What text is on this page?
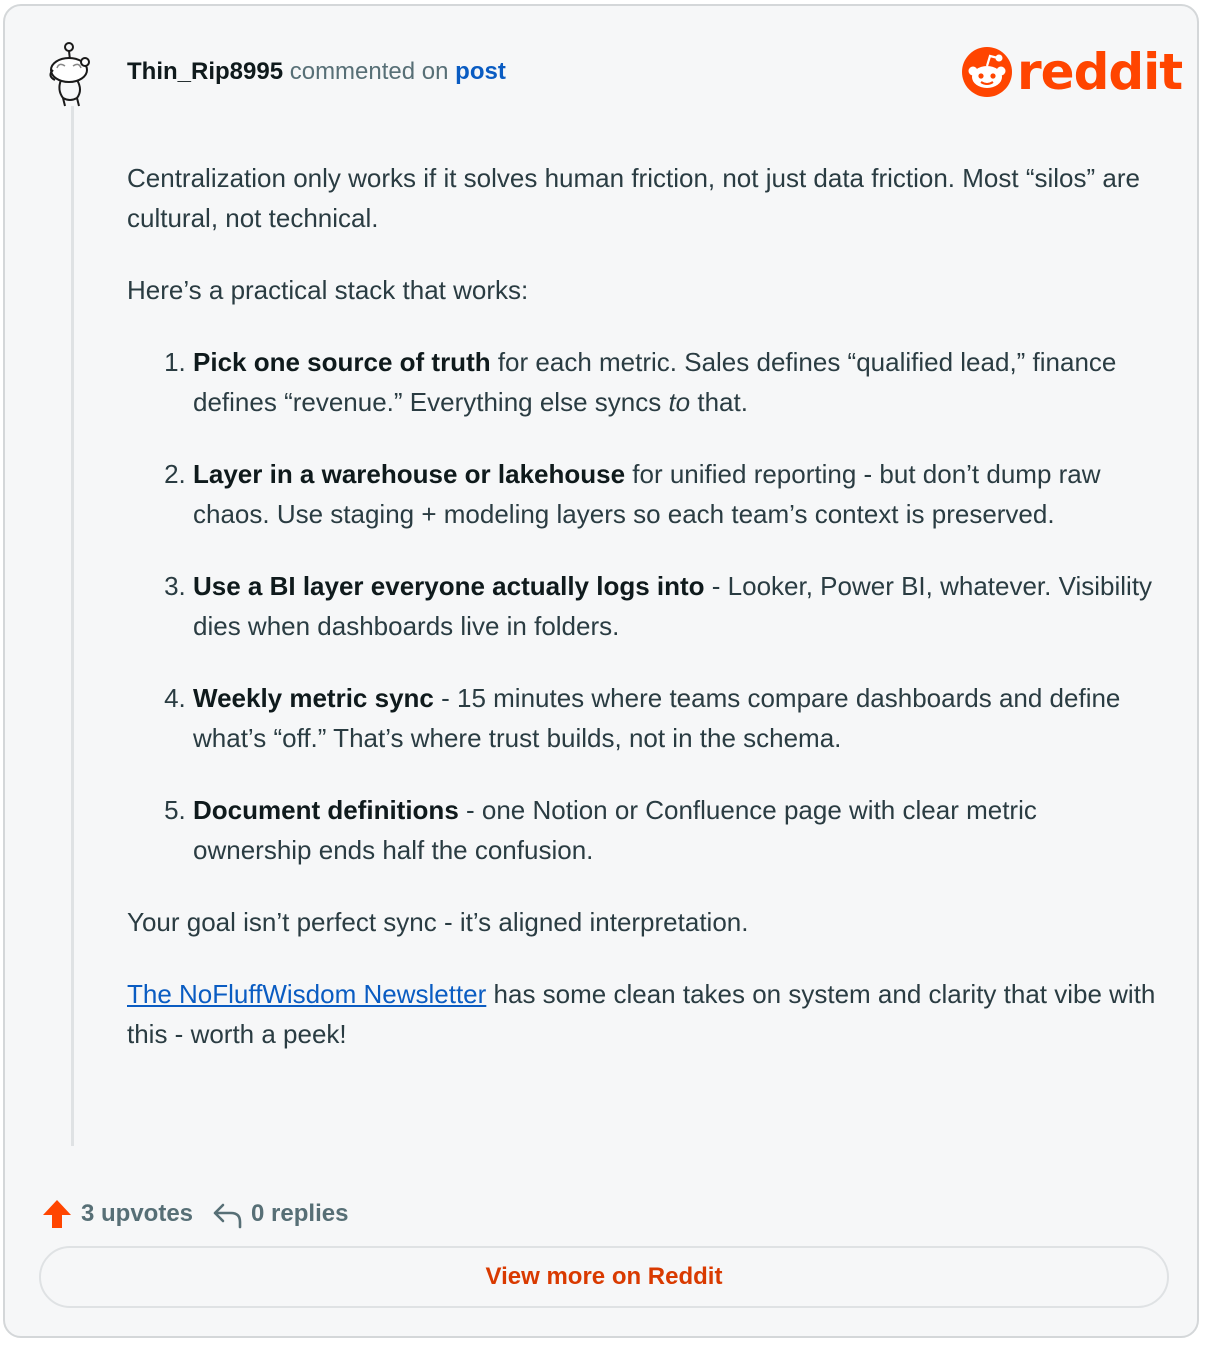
Thin_Rip8995 commented on post	reddit

Centralization only works if it solves human friction, not just data friction. Most “silos” are cultural, not technical.

Here’s a practical stack that works:

1. Pick one source of truth for each metric. Sales defines “qualified lead,” finance defines “revenue.” Everything else syncs to that.
2. Layer in a warehouse or lakehouse for unified reporting - but don’t dump raw chaos. Use staging + modeling layers so each team’s context is preserved.
3. Use a BI layer everyone actually logs into - Looker, Power BI, whatever. Visibility dies when dashboards live in folders.
4. Weekly metric sync - 15 minutes where teams compare dashboards and define what’s “off.” That’s where trust builds, not in the schema.
5. Document definitions - one Notion or Confluence page with clear metric ownership ends half the confusion.

Your goal isn’t perfect sync - it’s aligned interpretation.

The NoFluffWisdom Newsletter has some clean takes on system and clarity that vibe with this - worth a peek!

3 upvotes 0 replies
View more on Reddit
